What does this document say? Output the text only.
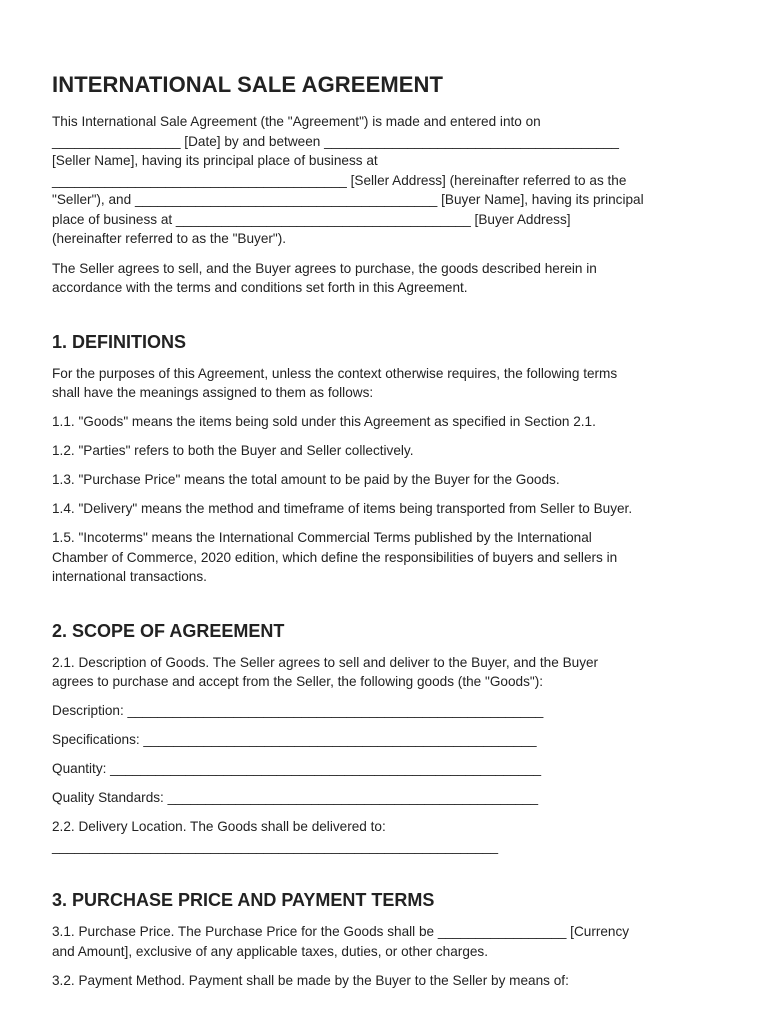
INTERNATIONAL SALE AGREEMENT

This International Sale Agreement (the "Agreement") is made and entered into on

_________________ [Date] by and between _______________________________________

[Seller Name], having its principal place of business at

_______________________________________ [Seller Address] (hereinafter referred to as the

"Seller"), and ________________________________________ [Buyer Name], having its principal

place of business at _______________________________________ [Buyer Address]

(hereinafter referred to as the "Buyer").

The Seller agrees to sell, and the Buyer agrees to purchase, the goods described herein in

accordance with the terms and conditions set forth in this Agreement.

1. DEFINITIONS

For the purposes of this Agreement, unless the context otherwise requires, the following terms

shall have the meanings assigned to them as follows:

1.1. "Goods" means the items being sold under this Agreement as specified in Section 2.1.

1.2. "Parties" refers to both the Buyer and Seller collectively.

1.3. "Purchase Price" means the total amount to be paid by the Buyer for the Goods.

1.4. "Delivery" means the method and timeframe of items being transported from Seller to Buyer.

1.5. "Incoterms" means the International Commercial Terms published by the International

Chamber of Commerce, 2020 edition, which define the responsibilities of buyers and sellers in

international transactions.

2. SCOPE OF AGREEMENT

2.1. Description of Goods. The Seller agrees to sell and deliver to the Buyer, and the Buyer

agrees to purchase and accept from the Seller, the following goods (the "Goods"):

Description: _______________________________________________________

Specifications: ____________________________________________________

Quantity: _________________________________________________________

Quality Standards: _________________________________________________

2.2. Delivery Location. The Goods shall be delivered to:

___________________________________________________________

3. PURCHASE PRICE AND PAYMENT TERMS

3.1. Purchase Price. The Purchase Price for the Goods shall be _________________ [Currency

and Amount], exclusive of any applicable taxes, duties, or other charges.

3.2. Payment Method. Payment shall be made by the Buyer to the Seller by means of:
